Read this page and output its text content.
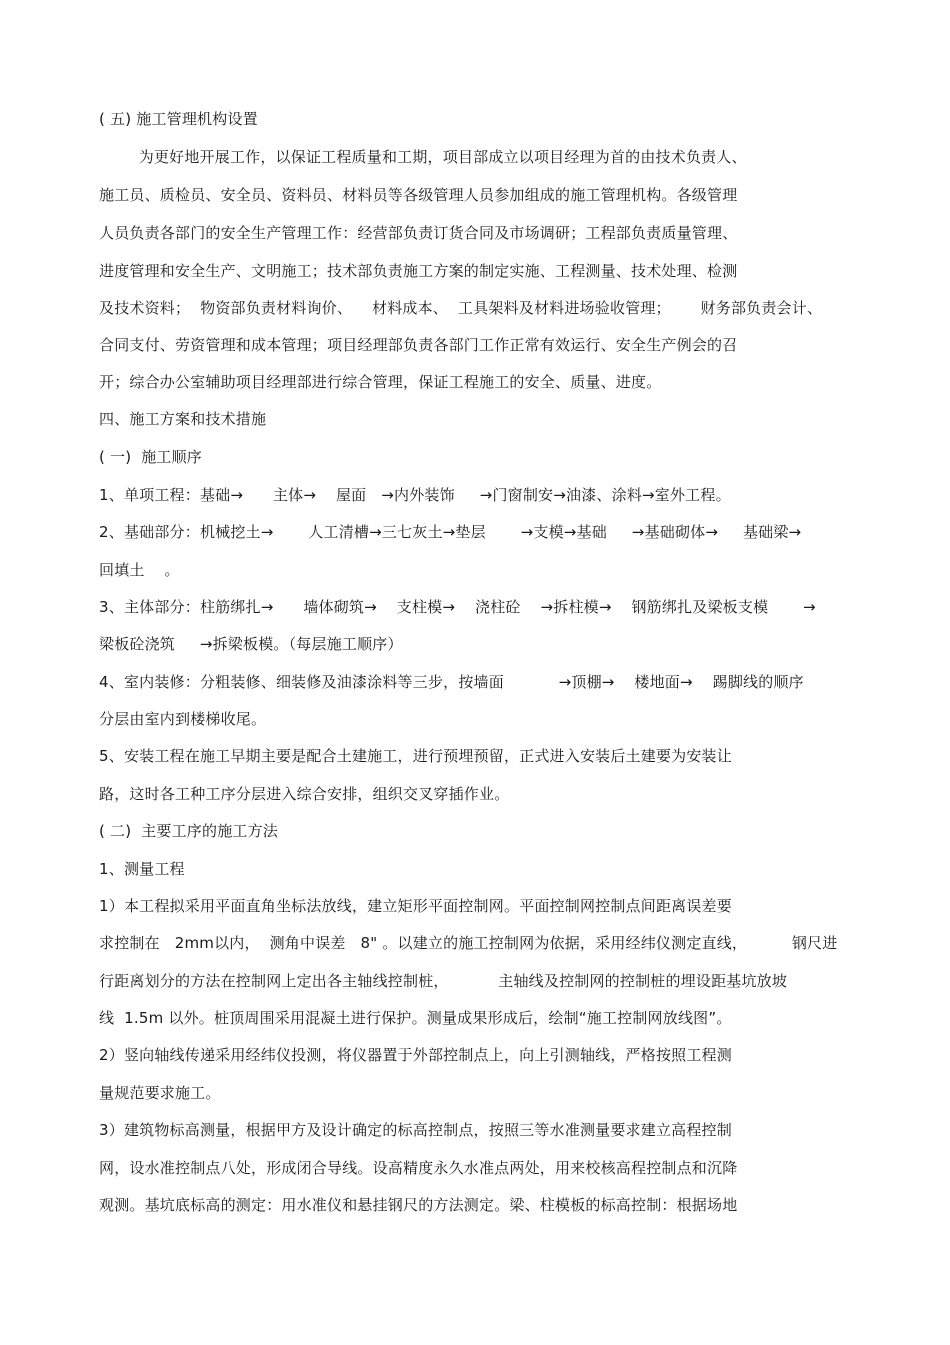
( 五) 施工管理机构设置
为更好地开展工作，以保证工程质量和工期，项目部成立以项目经理为首的由技术负责人、
施工员、质检员、安全员、资料员、材料员等各级管理人员参加组成的施工管理机构。各级管理
人员负责各部门的安全生产管理工作：经营部负责订货合同及市场调研；工程部负责质量管理、
进度管理和安全生产、文明施工；技术部负责施工方案的制定实施、工程测量、技术处理、检测
及技术资料；  物资部负责材料询价、    材料成本、  工具架料及材料进场验收管理；      财务部负责会计、
合同支付、劳资管理和成本管理；项目经理部负责各部门工作正常有效运行、安全生产例会的召
开；综合办公室辅助项目经理部进行综合管理，保证工程施工的安全、质量、进度。
四、施工方案和技术措施
( 一)  施工顺序
1、单项工程：基础→      主体→    屋面   →内外装饰     →门窗制安→油漆、涂料→室外工程。
2、基础部分：机械挖土→       人工清槽→三七灰土→垫层       →支模→基础     →基础砌体→     基础梁→
回填土    。
3、主体部分：柱筋绑扎→      墙体砌筑→    支柱模→    浇柱砼    →拆柱模→    钢筋绑扎及梁板支模       →
梁板砼浇筑     →拆梁板模。（每层施工顺序）
4、室内装修：分粗装修、细装修及油漆涂料等三步，按墙面           →顶棚→    楼地面→    踢脚线的顺序
分层由室内到楼梯收尾。
5、安装工程在施工早期主要是配合土建施工，进行预埋预留，正式进入安装后土建要为安装让
路，这时各工种工序分层进入综合安排，组织交叉穿插作业。
( 二)  主要工序的施工方法
1、测量工程
1）本工程拟采用平面直角坐标法放线，建立矩形平面控制网。平面控制网控制点间距离误差要
求控制在   2mm以内，  测角中误差   8" 。以建立的施工控制网为依据，采用经纬仪测定直线，         钢尺进
行距离划分的方法在控制网上定出各主轴线控制桩，          主轴线及控制网的控制桩的埋设距基坑放坡
线  1.5m 以外。桩顶周围采用混凝土进行保护。测量成果形成后，绘制“施工控制网放线图”。
2）竖向轴线传递采用经纬仪投测，将仪器置于外部控制点上，向上引测轴线，严格按照工程测
量规范要求施工。
3）建筑物标高测量，根据甲方及设计确定的标高控制点，按照三等水准测量要求建立高程控制
网，设水准控制点八处，形成闭合导线。设高精度永久水准点两处，用来校核高程控制点和沉降
观测。基坑底标高的测定：用水准仪和悬挂钢尺的方法测定。梁、柱模板的标高控制：根据场地
